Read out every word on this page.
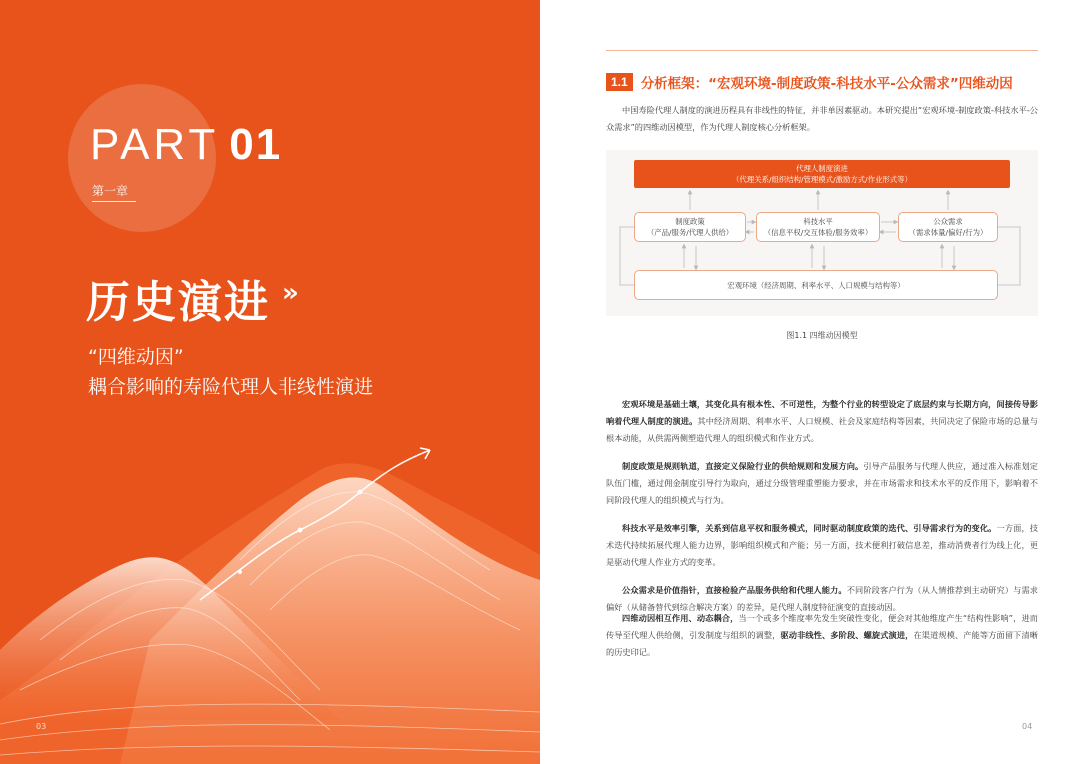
PART 01
第一章
历史演进 »
“四维动因”
耦合影响的寿险代理人非线性演进
03
1.1 分析框架：“宏观环境-制度政策-科技水平-公众需求”四维动因

中国寿险代理人制度的演进历程具有非线性的特征，并非单因素驱动。本研究提出“宏观环境-制度政策-科技水平-公众需求”的四维动因模型，作为代理人制度核心分析框架。

代理人制度演进
（代理关系/组织结构/管理模式/激励方式/作业形式等）
制度政策
（产品/服务/代理人供给）
科技水平
（信息平权/交互体验/服务效率）
公众需求
（需求体量/偏好/行为）
宏观环境（经济周期、利率水平、人口规模与结构等）
图1.1 四维动因模型

宏观环境是基础土壤，其变化具有根本性、不可逆性，为整个行业的转型设定了底层约束与长期方向，间接传导影响着代理人制度的演进。其中经济周期、利率水平、人口规模、社会及家庭结构等因素，共同决定了保险市场的总量与根本动能，从供需两侧塑造代理人的组织模式和作业方式。

制度政策是规则轨道，直接定义保险行业的供给规则和发展方向。引导产品服务与代理人供应，通过准入标准划定队伍门槛，通过佣金制度引导行为取向，通过分级管理重塑能力要求，并在市场需求和技术水平的反作用下，影响着不同阶段代理人的组织模式与行为。

科技水平是效率引擎，关系到信息平权和服务模式，同时驱动制度政策的迭代、引导需求行为的变化。一方面，技术迭代持续拓展代理人能力边界，影响组织模式和产能；另一方面，技术便利打破信息差，推动消费者行为线上化，更是驱动代理人作业方式的变革。

公众需求是价值指针，直接检验产品服务供给和代理人能力。不同阶段客户行为（从人情推荐到主动研究）与需求偏好（从储备替代到综合解决方案）的差异，是代理人制度特征演变的直接动因。

四维动因相互作用、动态耦合，当一个或多个维度率先发生突破性变化，便会对其他维度产生“结构性影响”，进而传导至代理人供给侧，引发制度与组织的调整，驱动非线性、多阶段、螺旋式演进，在渠道规模、产能等方面留下清晰的历史印记。

04
